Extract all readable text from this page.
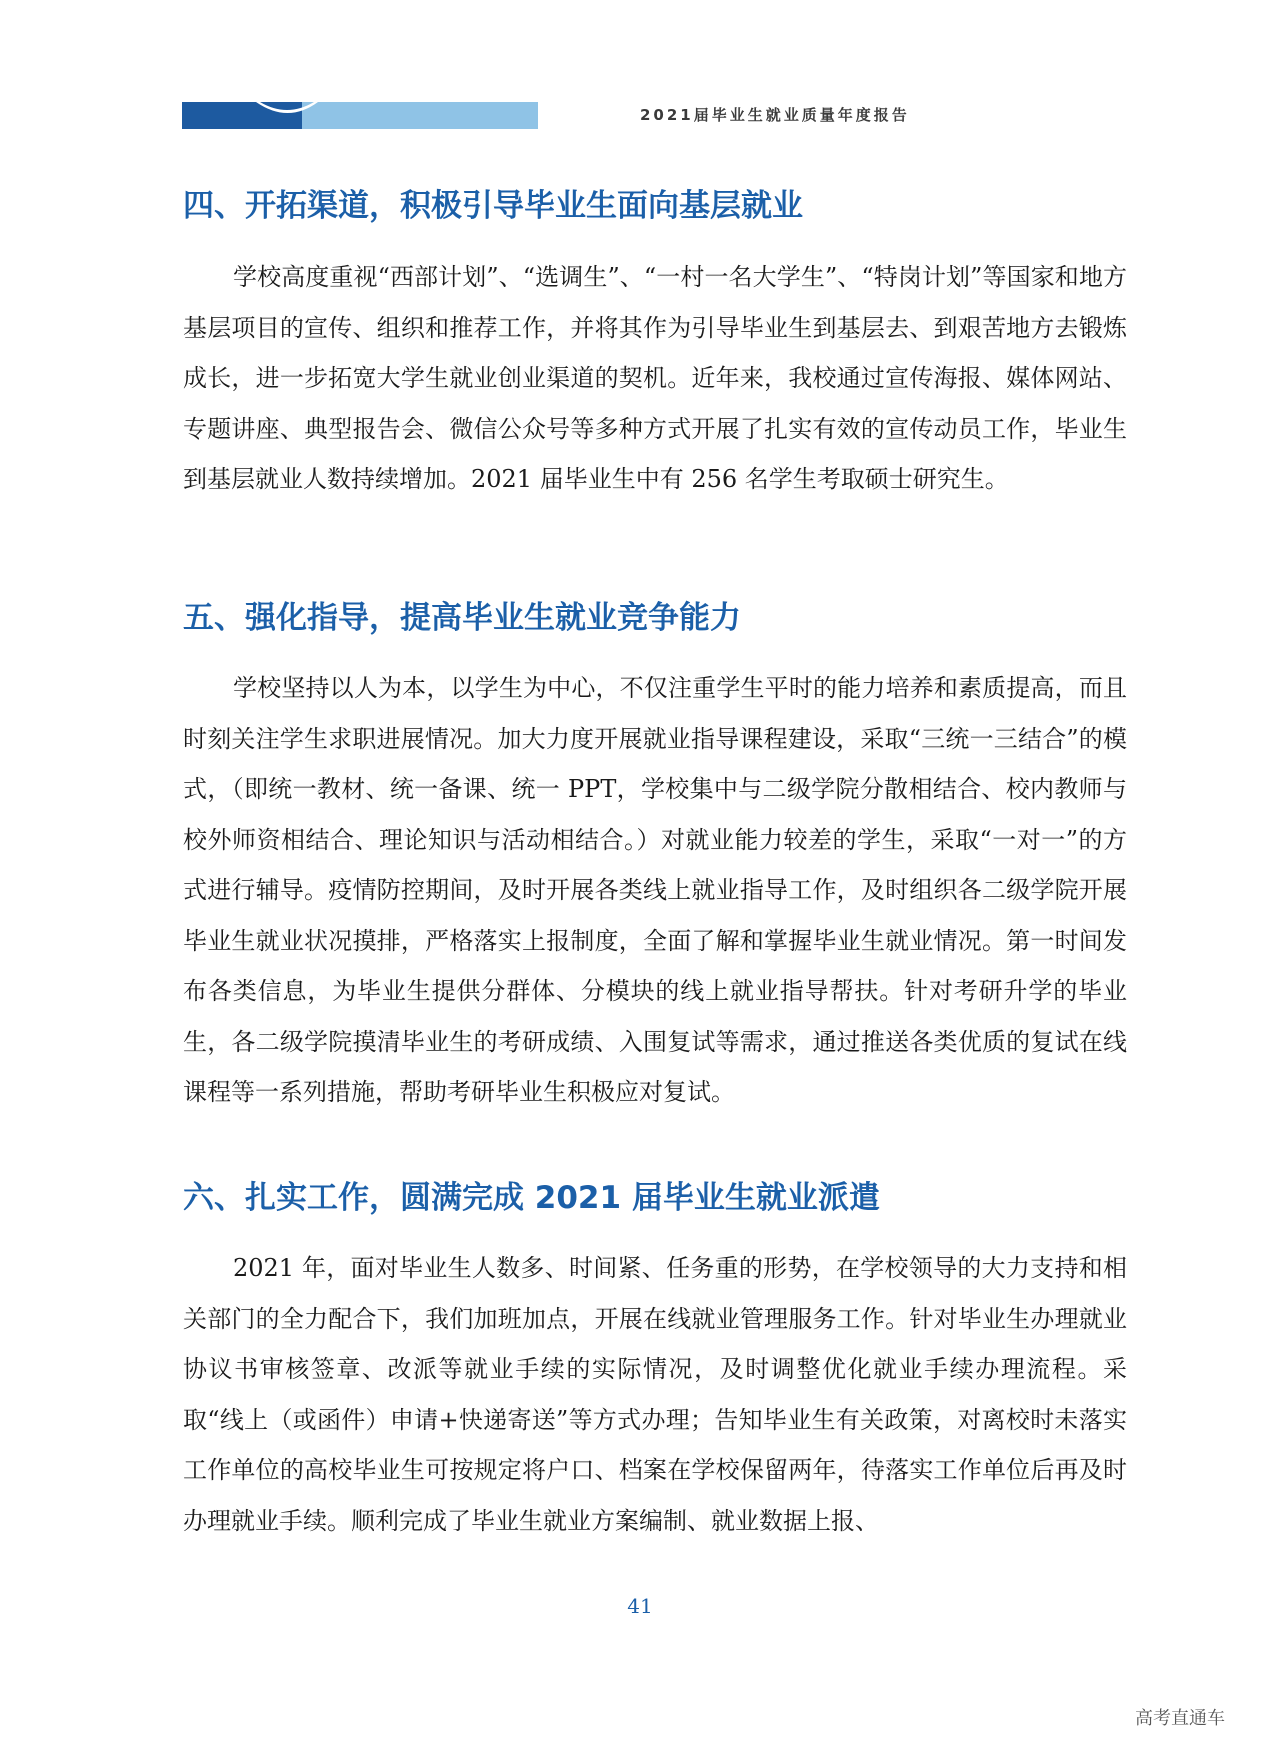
2021届毕业生就业质量年度报告
四、开拓渠道，积极引导毕业生面向基层就业

学校高度重视“西部计划”、“选调生”、“一村一名大学生”、“特岗计划”等国家和地方基层项目的宣传、组织和推荐工作，并将其作为引导毕业生到基层去、到艰苦地方去锻炼成长，进一步拓宽大学生就业创业渠道的契机。近年来，我校通过宣传海报、媒体网站、专题讲座、典型报告会、微信公众号等多种方式开展了扎实有效的宣传动员工作，毕业生到基层就业人数持续增加。2021 届毕业生中有 256 名学生考取硕士研究生。

五、强化指导，提高毕业生就业竞争能力

学校坚持以人为本，以学生为中心，不仅注重学生平时的能力培养和素质提高，而且时刻关注学生求职进展情况。加大力度开展就业指导课程建设，采取“三统一三结合”的模式，（即统一教材、统一备课、统一 PPT，学校集中与二级学院分散相结合、校内教师与校外师资相结合、理论知识与活动相结合。）对就业能力较差的学生，采取“一对一”的方式进行辅导。疫情防控期间，及时开展各类线上就业指导工作，及时组织各二级学院开展毕业生就业状况摸排，严格落实上报制度，全面了解和掌握毕业生就业情况。第一时间发布各类信息，为毕业生提供分群体、分模块的线上就业指导帮扶。针对考研升学的毕业生，各二级学院摸清毕业生的考研成绩、入围复试等需求，通过推送各类优质的复试在线课程等一系列措施，帮助考研毕业生积极应对复试。

六、扎实工作，圆满完成 2021 届毕业生就业派遣

2021 年，面对毕业生人数多、时间紧、任务重的形势，在学校领导的大力支持和相关部门的全力配合下，我们加班加点，开展在线就业管理服务工作。针对毕业生办理就业协议书审核签章、改派等就业手续的实际情况，及时调整优化就业手续办理流程。采取“线上（或函件）申请+快递寄送”等方式办理；告知毕业生有关政策，对离校时未落实工作单位的高校毕业生可按规定将户口、档案在学校保留两年，待落实工作单位后再及时办理就业手续。顺利完成了毕业生就业方案编制、就业数据上报、

41
高考直通车
